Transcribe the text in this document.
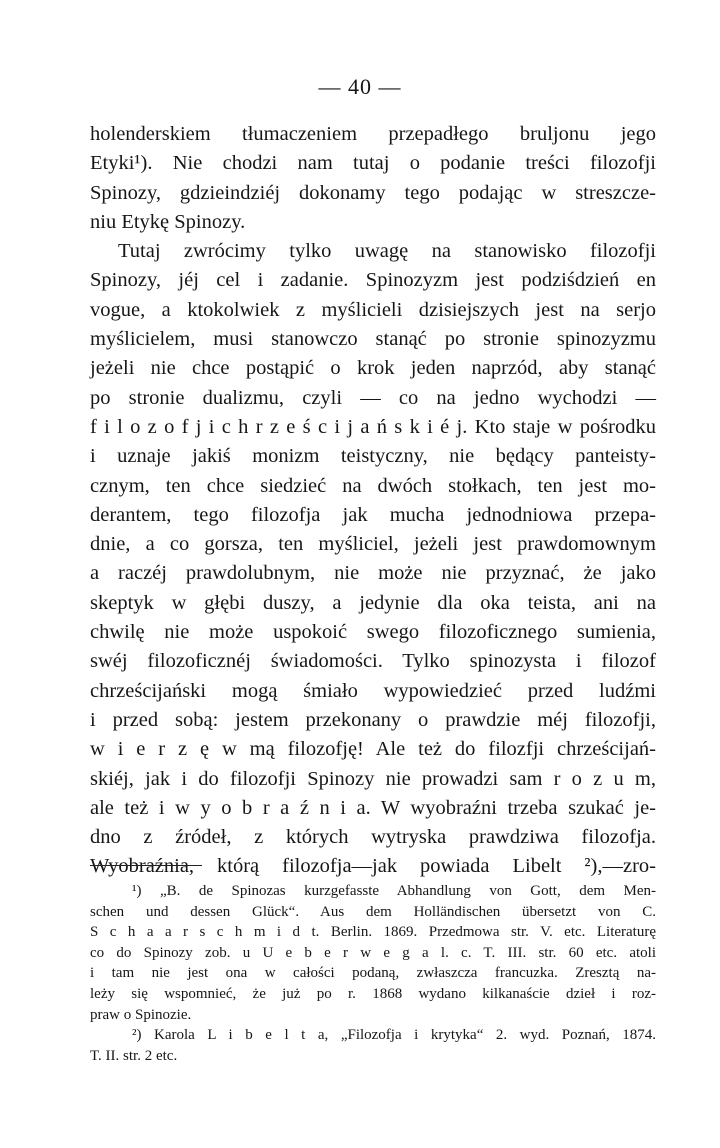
— 40 —
holenderskiem tłumaczeniem przepadłego bruljonu jego
Etyki¹). Nie chodzi nam tutaj o podanie treści filozofji
Spinozy, gdzieindziéj dokonamy tego podając w streszcze-
niu Etykę Spinozy.
Tutaj zwrócimy tylko uwagę na stanowisko filozofji
Spinozy, jéj cel i zadanie. Spinozyzm jest podziśdzień en
vogue, a ktokolwiek z myślicieli dzisiejszych jest na serjo
myślicielem, musi stanowczo stanąć po stronie spinozyzmu
jeżeli nie chce postąpić o krok jeden naprzód, aby stanąć
po stronie dualizmu, czyli — co na jedno wychodzi —
f i l o z o f j i c h r z e ś c i j a ń s k i é j. Kto staje w pośrodku
i uznaje jakiś monizm teistyczny, nie będący panteisty-
cznym, ten chce siedzieć na dwóch stołkach, ten jest mo-
derantem, tego filozofja jak mucha jednodniowa przepa-
dnie, a co gorsza, ten myśliciel, jeżeli jest prawdomownym
a raczéj prawdolubnym, nie może nie przyznać, że jako
skeptyk w głębi duszy, a jedynie dla oka teista, ani na
chwilę nie może uspokoić swego filozoficznego sumienia,
swéj filozoficznéj świadomości. Tylko spinozysta i filozof
chrześcijański mogą śmiało wypowiedzieć przed ludźmi
i przed sobą: jestem przekonany o prawdzie méj filozofji,
w i e r z ę w mą filozofję! Ale też do filozfji chrześcijań-
skiéj, jak i do filozofji Spinozy nie prowadzi sam r o z u m,
ale też i w y o b r a ź n i a. W wyobraźni trzeba szukać je-
dno z źródeł, z których wytryska prawdziwa filozofja.
Wyobraźnia, którą filozofja—jak powiada Libelt ²),—zro-
¹) „B. de Spinozas kurzgefasste Abhandlung von Gott, dem Men-
schen und dessen Glück“. Aus dem Holländischen übersetzt von C.
S c h a a r s c h m i d t. Berlin. 1869. Przedmowa str. V. etc. Literaturę
co do Spinozy zob. u U e b e r w e g a l. c. T. III. str. 60 etc. atoli
i tam nie jest ona w całości podaną, zwłaszcza francuzka. Zresztą na-
leży się wspomnieć, że już po r. 1868 wydano kilkanaście dzieł i roz-
praw o Spinozie.
²) Karola L i b e l t a, „Filozofja i krytyka“ 2. wyd. Poznań, 1874.
T. II. str. 2 etc.
